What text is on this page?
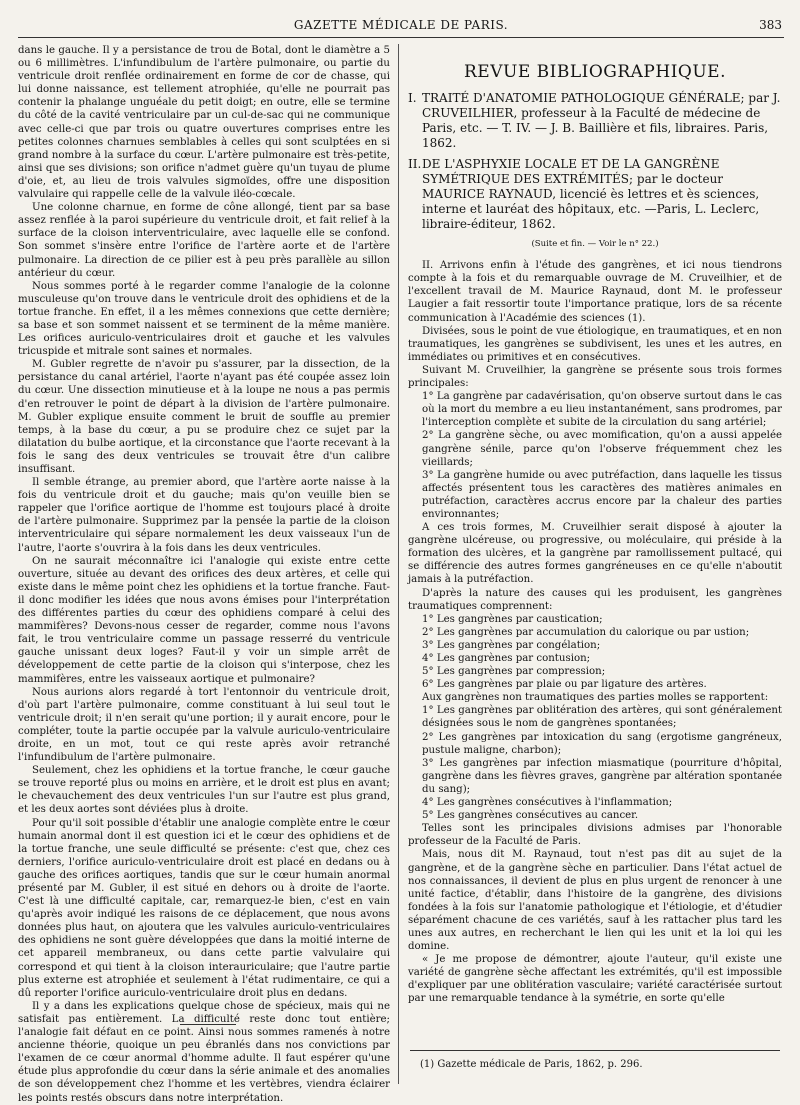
GAZETTE MÉDICALE DE PARIS.	383

dans le gauche. Il y a persistance de trou de Botal, dont le diamètre a 5 ou 6 millimètres. L'infundibulum de l'artère pulmonaire, ou partie du ventricule droit renflée ordinairement en forme de cor de chasse, qui lui donne naissance, est tellement atrophiée, qu'elle ne pourrait pas contenir la phalange unguéale du petit doigt; en outre, elle se termine du côté de la cavité ventriculaire par un cul-de-sac qui ne communique avec celle-ci que par trois ou quatre ouvertures comprises entre les petites colonnes charnues semblables à celles qui sont sculptées en si grand nombre à la surface du cœur. L'artère pulmonaire est très-petite, ainsi que ses divisions; son orifice n'admet guère qu'un tuyau de plume d'oie, et, au lieu de trois valvules sigmoïdes, offre une disposition valvulaire qui rappelle celle de la valvule iléo-cœcale.

Une colonne charnue, en forme de cône allongé, tient par sa base assez renflée à la paroi supérieure du ventricule droit, et fait relief à la surface de la cloison interventriculaire, avec laquelle elle se confond. Son sommet s'insère entre l'orifice de l'artère aorte et de l'artère pulmonaire. La direction de ce pilier est à peu près parallèle au sillon antérieur du cœur.

Nous sommes porté à le regarder comme l'analogie de la colonne musculeuse qu'on trouve dans le ventricule droit des ophidiens et de la tortue franche. En effet, il a les mêmes connexions que cette dernière; sa base et son sommet naissent et se terminent de la même manière. Les orifices auriculo-ventriculaires droit et gauche et les valvules tricuspide et mitrale sont saines et normales.

M. Gubler regrette de n'avoir pu s'assurer, par la dissection, de la persistance du canal artériel, l'aorte n'ayant pas été coupée assez loin du cœur. Une dissection minutieuse et à la loupe ne nous a pas permis d'en retrouver le point de départ à la division de l'artère pulmonaire. M. Gubler explique ensuite comment le bruit de souffle au premier temps, à la base du cœur, a pu se produire chez ce sujet par la dilatation du bulbe aortique, et la circonstance que l'aorte recevant à la fois le sang des deux ventricules se trouvait être d'un calibre insuffisant.

Il semble étrange, au premier abord, que l'artère aorte naisse à la fois du ventricule droit et du gauche; mais qu'on veuille bien se rappeler que l'orifice aortique de l'homme est toujours placé à droite de l'artère pulmonaire. Supprimez par la pensée la partie de la cloison interventriculaire qui sépare normalement les deux vaisseaux l'un de l'autre, l'aorte s'ouvrira à la fois dans les deux ventricules.

On ne saurait méconnaître ici l'analogie qui existe entre cette ouverture, située au devant des orifices des deux artères, et celle qui existe dans le même point chez les ophidiens et la tortue franche. Faut-il donc modifier les idées que nous avons émises pour l'interprétation des différentes parties du cœur des ophidiens comparé à celui des mammifères? Devons-nous cesser de regarder, comme nous l'avons fait, le trou ventriculaire comme un passage resserré du ventricule gauche unissant deux loges? Faut-il y voir un simple arrêt de développement de cette partie de la cloison qui s'interpose, chez les mammifères, entre les vaisseaux aortique et pulmonaire?

Nous aurions alors regardé à tort l'entonnoir du ventricule droit, d'où part l'artère pulmonaire, comme constituant à lui seul tout le ventricule droit; il n'en serait qu'une portion; il y aurait encore, pour le compléter, toute la partie occupée par la valvule auriculo-ventriculaire droite, en un mot, tout ce qui reste après avoir retranché l'infundibulum de l'artère pulmonaire.

Seulement, chez les ophidiens et la tortue franche, le cœur gauche se trouve reporté plus ou moins en arrière, et le droit est plus en avant; le chevauchement des deux ventricules l'un sur l'autre est plus grand, et les deux aortes sont déviées plus à droite.

Pour qu'il soit possible d'établir une analogie complète entre le cœur humain anormal dont il est question ici et le cœur des ophidiens et de la tortue franche, une seule difficulté se présente: c'est que, chez ces derniers, l'orifice auriculo-ventriculaire droit est placé en dedans ou à gauche des orifices aortiques, tandis que sur le cœur humain anormal présenté par M. Gubler, il est situé en dehors ou à droite de l'aorte. C'est là une difficulté capitale, car, remarquez-le bien, c'est en vain qu'après avoir indiqué les raisons de ce déplacement, que nous avons données plus haut, on ajoutera que les valvules auriculo-ventriculaires des ophidiens ne sont guère développées que dans la moitié interne de cet appareil membraneux, ou dans cette partie valvulaire qui correspond et qui tient à la cloison interauriculaire; que l'autre partie plus externe est atrophiée et seulement à l'état rudimentaire, ce qui a dû reporter l'orifice auriculo-ventriculaire droit plus en dedans.

Il y a dans les explications quelque chose de spécieux, mais qui ne satisfait pas entièrement. La difficulté reste donc tout entière; l'analogie fait défaut en ce point. Ainsi nous sommes ramenés à notre ancienne théorie, quoique un peu ébranlés dans nos convictions par l'examen de ce cœur anormal d'homme adulte. Il faut espérer qu'une étude plus approfondie du cœur dans la série animale et des anomalies de son développement chez l'homme et les vertèbres, viendra éclairer les points restés obscurs dans notre interprétation.

REVUE BIBLIOGRAPHIQUE.
I. TRAITÉ D'ANATOMIE PATHOLOGIQUE GÉNÉRALE; par J. CRUVEILHIER, professeur à la Faculté de médecine de Paris, etc. — T. IV. — J. B. Baillière et fils, libraires. Paris, 1862.
II.DE L'ASPHYXIE LOCALE ET DE LA GANGRÈNE SYMÉTRIQUE DES EXTRÉMITÉS; par le docteur MAURICE RAYNAUD, licencié ès lettres et ès sciences, interne et lauréat des hôpitaux, etc. —Paris, L. Leclerc, libraire-éditeur, 1862.
(Suite et fin. — Voir le n° 22.)

II. Arrivons enfin à l'étude des gangrènes, et ici nous tiendrons compte à la fois et du remarquable ouvrage de M. Cruveilhier, et de l'excellent travail de M. Maurice Raynaud, dont M. le professeur Laugier a fait ressortir toute l'importance pratique, lors de sa récente communication à l'Académie des sciences (1).

Divisées, sous le point de vue étiologique, en traumatiques, et en non traumatiques, les gangrènes se subdivisent, les unes et les autres, en immédiates ou primitives et en consécutives.

Suivant M. Cruveilhier, la gangrène se présente sous trois formes principales:

1° La gangrène par cadavérisation, qu'on observe surtout dans le cas où la mort du membre a eu lieu instantanément, sans prodromes, par l'interception complète et subite de la circulation du sang artériel;

2° La gangrène sèche, ou avec momification, qu'on a aussi appelée gangrène sénile, parce qu'on l'observe fréquemment chez les vieillards;

3° La gangrène humide ou avec putréfaction, dans laquelle les tissus affectés présentent tous les caractères des matières animales en putréfaction, caractères accrus encore par la chaleur des parties environnantes;

A ces trois formes, M. Cruveilhier serait disposé à ajouter la gangrène ulcéreuse, ou progressive, ou moléculaire, qui préside à la formation des ulcères, et la gangrène par ramollissement pultacé, qui se différencie des autres formes gangréneuses en ce qu'elle n'aboutit jamais à la putréfaction.

D'après la nature des causes qui les produisent, les gangrènes traumatiques comprennent:

1° Les gangrènes par caustication;

2° Les gangrènes par accumulation du calorique ou par ustion;

3° Les gangrènes par congélation;

4° Les gangrènes par contusion;

5° Les gangrènes par compression;

6° Les gangrènes par plaie ou par ligature des artères.

Aux gangrènes non traumatiques des parties molles se rapportent:

1° Les gangrènes par oblitération des artères, qui sont généralement désignées sous le nom de gangrènes spontanées;

2° Les gangrènes par intoxication du sang (ergotisme gangréneux, pustule maligne, charbon);

3° Les gangrènes par infection miasmatique (pourriture d'hôpital, gangrène dans les fièvres graves, gangrène par altération spontanée du sang);

4° Les gangrènes consécutives à l'inflammation;

5° Les gangrènes consécutives au cancer.

Telles sont les principales divisions admises par l'honorable professeur de la Faculté de Paris.

Mais, nous dit M. Raynaud, tout n'est pas dit au sujet de la gangrène, et de la gangrène sèche en particulier. Dans l'état actuel de nos connaissances, il devient de plus en plus urgent de renoncer à une unité factice, d'établir, dans l'histoire de la gangrène, des divisions fondées à la fois sur l'anatomie pathologique et l'étiologie, et d'étudier séparément chacune de ces variétés, sauf à les rattacher plus tard les unes aux autres, en recherchant le lien qui les unit et la loi qui les domine.

« Je me propose de démontrer, ajoute l'auteur, qu'il existe une variété de gangrène sèche affectant les extrémités, qu'il est impossible d'expliquer par une oblitération vasculaire; variété caractérisée surtout par une remarquable tendance à la symétrie, en sorte qu'elle

(1) Gazette médicale de Paris, 1862, p. 296.
